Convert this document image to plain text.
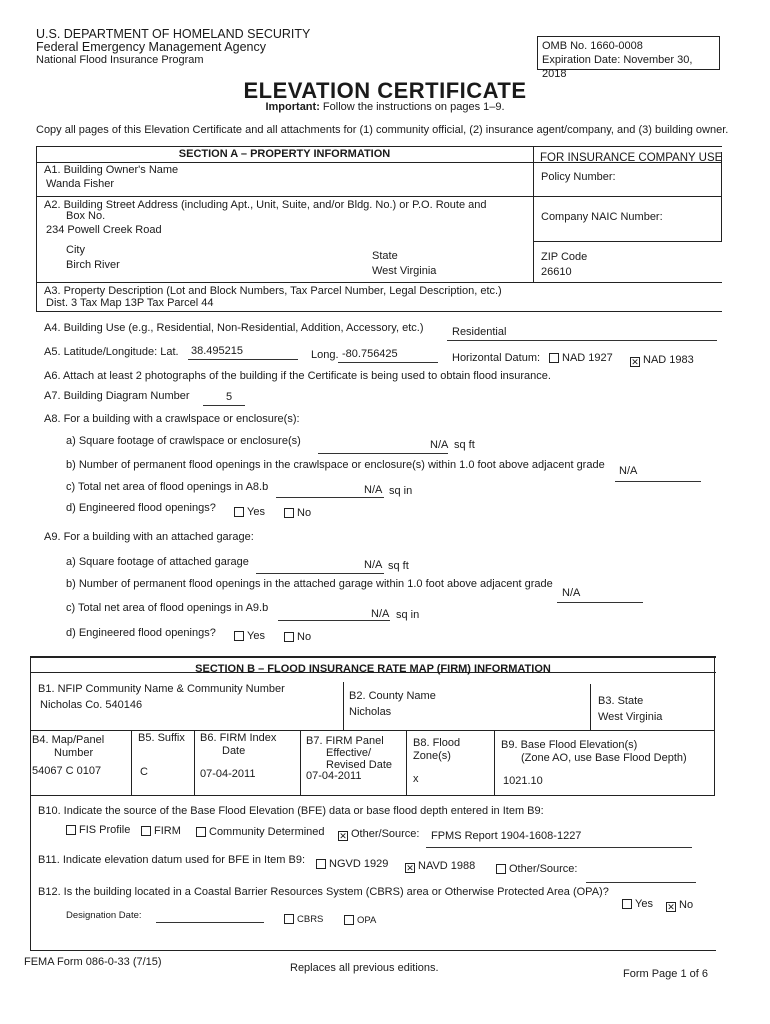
U.S. DEPARTMENT OF HOMELAND SECURITY
Federal Emergency Management Agency
National Flood Insurance Program
OMB No. 1660-0008
Expiration Date: November 30, 2018
ELEVATION CERTIFICATE
Important: Follow the instructions on pages 1–9.
Copy all pages of this Elevation Certificate and all attachments for (1) community official, (2) insurance agent/company, and (3) building owner.
SECTION A – PROPERTY INFORMATION	FOR INSURANCE COMPANY USE
Policy Number:
Company NAIC Number:
A1. Building Owner's Name
Wanda Fisher
A2. Building Street Address (including Apt., Unit, Suite, and/or Bldg. No.) or P.O. Route and
Box No.
234 Powell Creek Road
City
Birch River
State
West Virginia
ZIP Code
26610
A3. Property Description (Lot and Block Numbers, Tax Parcel Number, Legal Description, etc.)
Dist. 3 Tax Map 13P Tax Parcel 44
A4. Building Use (e.g., Residential, Non-Residential, Addition, Accessory, etc.)	Residential
A5. Latitude/Longitude: Lat. 38.495215	Long. -80.756425	Horizontal Datum:	NAD 1927 ✕ NAD 1983
A6. Attach at least 2 photographs of the building if the Certificate is being used to obtain flood insurance.
A7. Building Diagram Number	5
A8. For a building with a crawlspace or enclosure(s):
a) Square footage of crawlspace or enclosure(s)	N/A sq ft
b) Number of permanent flood openings in the crawlspace or enclosure(s) within 1.0 foot above adjacent grade N/A
c) Total net area of flood openings in A8.b	N/A sq in
d) Engineered flood openings?	Yes	No
A9. For a building with an attached garage:
a) Square footage of attached garage	N/A sq ft
b) Number of permanent flood openings in the attached garage within 1.0 foot above adjacent grade
N/A
c) Total net area of flood openings in A9.b	N/A sq in
d) Engineered flood openings?	Yes	No
SECTION B – FLOOD INSURANCE RATE MAP (FIRM) INFORMATION
B1. NFIP Community Name & Community Number
Nicholas Co. 540146
B2. County Name
Nicholas
B3. State
West Virginia
B4. Map/Panel
Number
54067 C 0107
B5. Suffix
C
B6. FIRM Index
Date
07-04-2011
B7. FIRM Panel
Effective/
Revised Date
07-04-2011
B8. Flood
Zone(s)
x
B9. Base Flood Elevation(s)
(Zone AO, use Base Flood Depth)
1021.10
B10. Indicate the source of the Base Flood Elevation (BFE) data or base flood depth entered in Item B9:
FIS Profile	FIRM	Community Determined ✕ Other/Source: FPMS Report 1904-1608-1227
B11. Indicate elevation datum used for BFE in Item B9:	NGVD 1929 ✕ NAVD 1988	Other/Source:
B12. Is the building located in a Coastal Barrier Resources System (CBRS) area or Otherwise Protected Area (OPA)?
Yes ✕ No
Designation Date:	CBRS	OPA
FEMA Form 086-0-33 (7/15)	Replaces all previous editions.	Form Page 1 of 6
